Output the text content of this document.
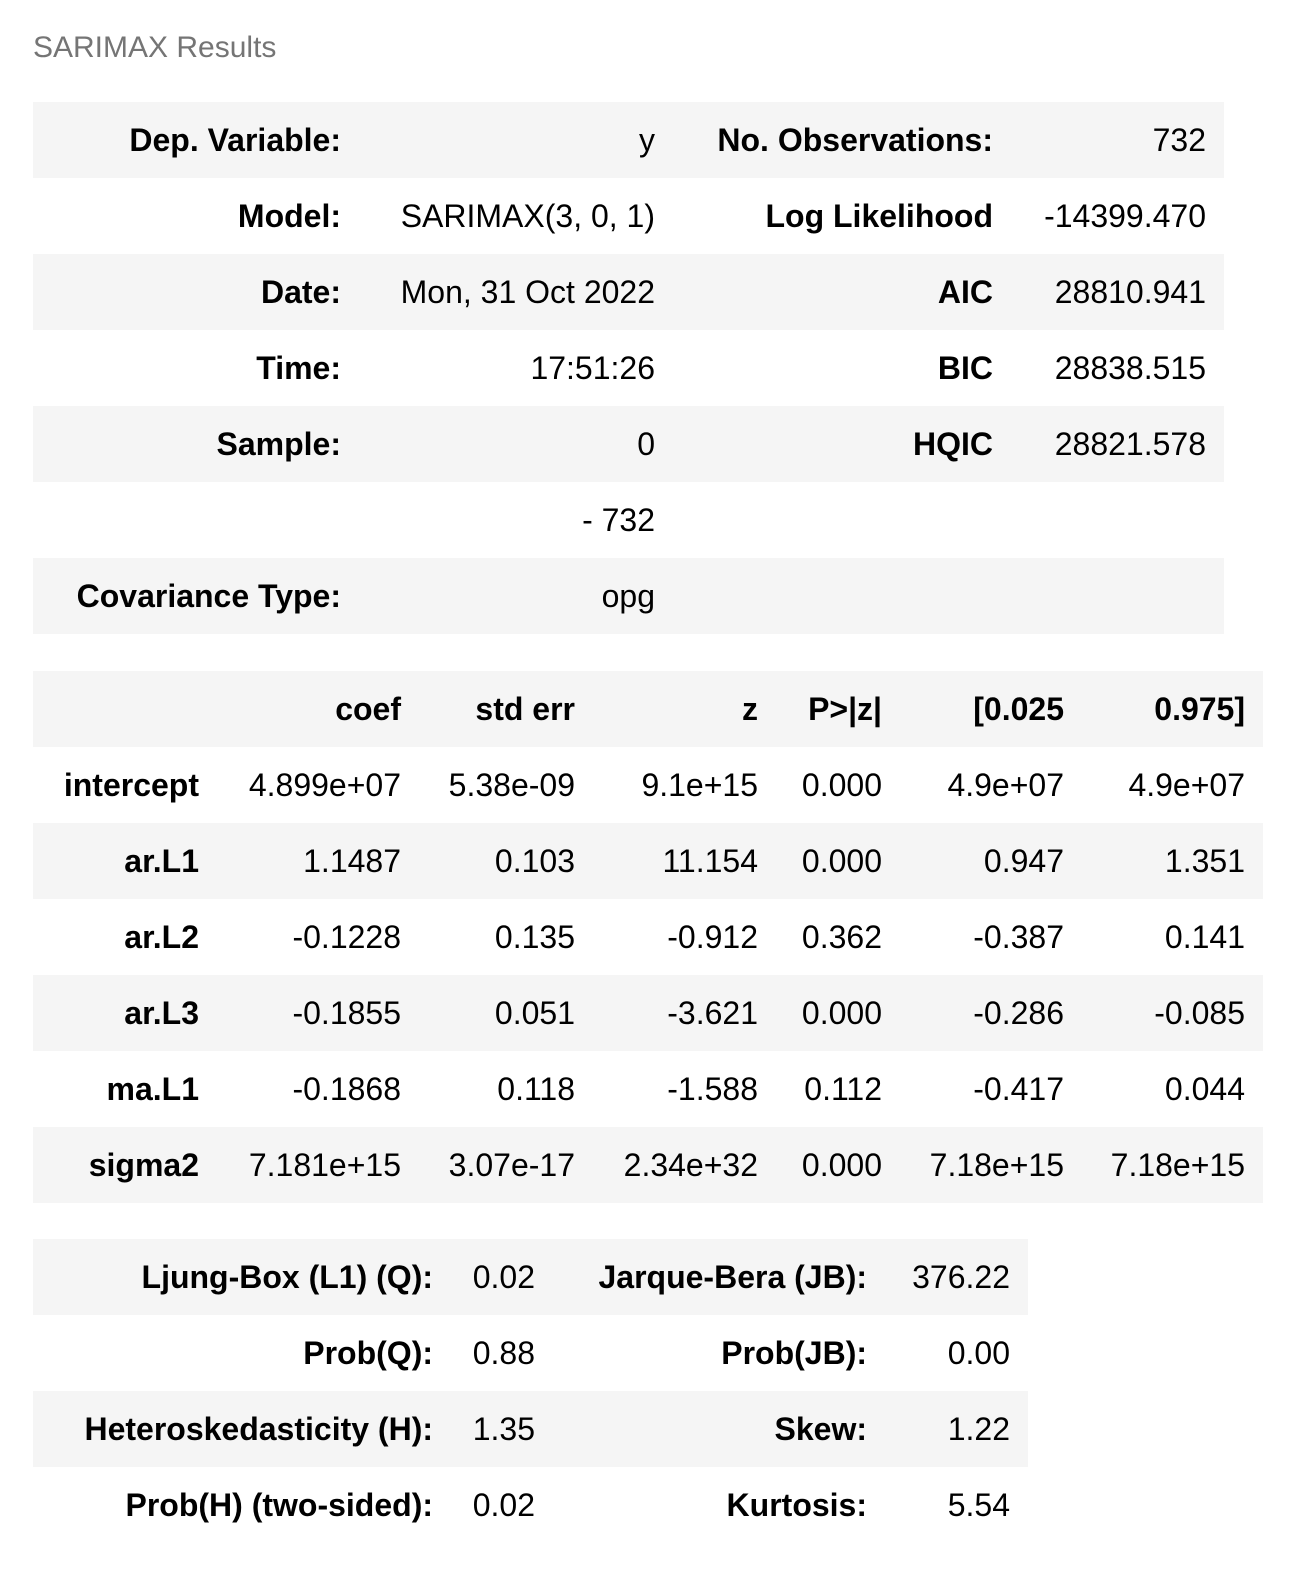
SARIMAX Results
Dep. Variable:	y	No. Observations:	732
Model:	SARIMAX(3, 0, 1)	Log Likelihood	-14399.470
Date:	Mon, 31 Oct 2022	AIC	28810.941
Time:	17:51:26	BIC	28838.515
Sample:	0	HQIC	28821.578
	- 732		
Covariance Type:	opg		
	coef	std err	z	P>|z|	[0.025	0.975]
intercept	4.899e+07	5.38e-09	9.1e+15	0.000	4.9e+07	4.9e+07
ar.L1	1.1487	0.103	11.154	0.000	0.947	1.351
ar.L2	-0.1228	0.135	-0.912	0.362	-0.387	0.141
ar.L3	-0.1855	0.051	-3.621	0.000	-0.286	-0.085
ma.L1	-0.1868	0.118	-1.588	0.112	-0.417	0.044
sigma2	7.181e+15	3.07e-17	2.34e+32	0.000	7.18e+15	7.18e+15
Ljung-Box (L1) (Q):	0.02	Jarque-Bera (JB):	376.22
Prob(Q):	0.88	Prob(JB):	0.00
Heteroskedasticity (H):	1.35	Skew:	1.22
Prob(H) (two-sided):	0.02	Kurtosis:	5.54
